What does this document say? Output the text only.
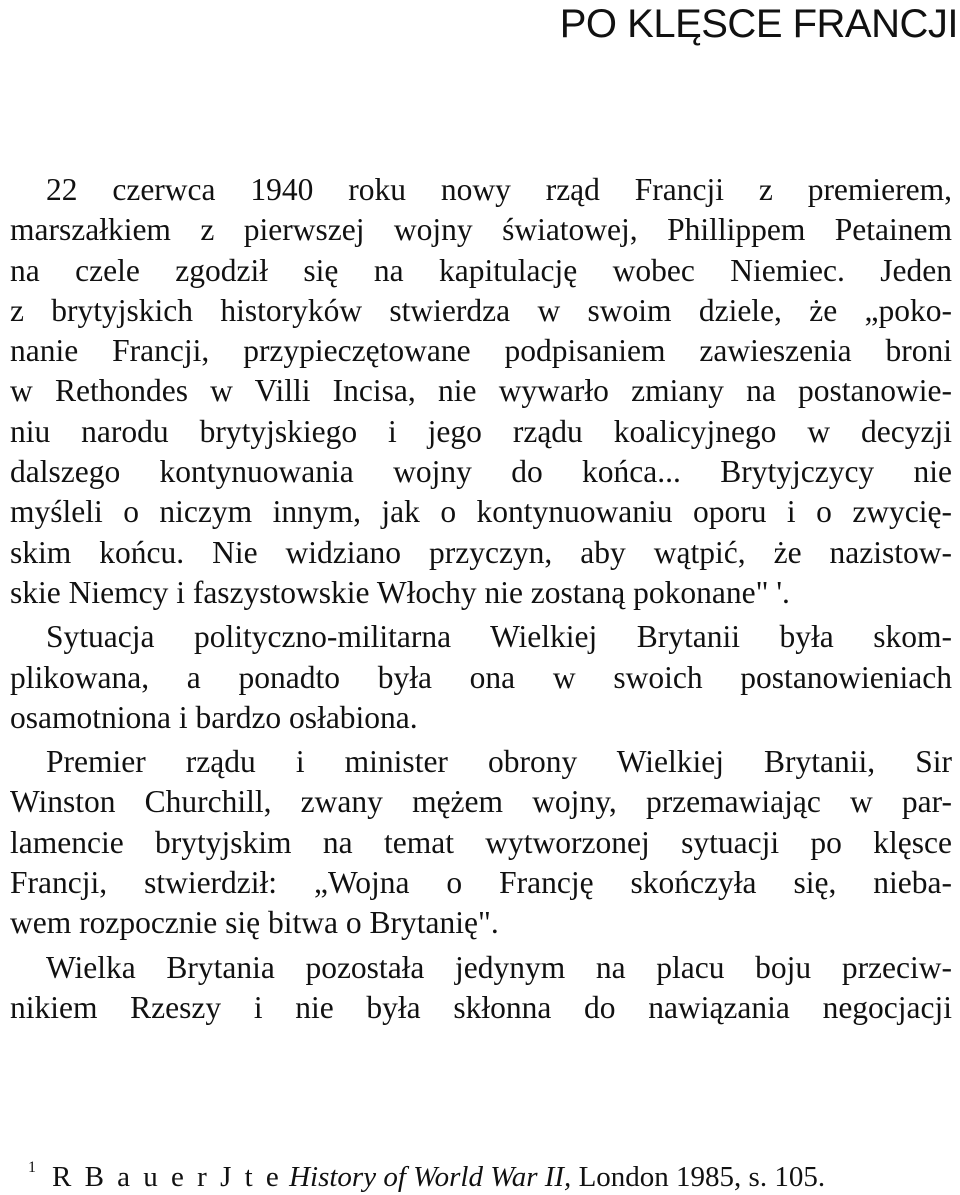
PO KLĘSCE FRANCJI

22 czerwca 1940 roku nowy rząd Francji z premierem,
marszałkiem z pierwszej wojny światowej, Phillippem Petainem
na czele zgodził się na kapitulację wobec Niemiec. Jeden
z brytyjskich historyków stwierdza w swoim dziele, że „poko-
nanie Francji, przypieczętowane podpisaniem zawieszenia broni
w Rethondes w Villi Incisa, nie wywarło zmiany na postanowie-
niu narodu brytyjskiego i jego rządu koalicyjnego w decyzji
dalszego kontynuowania wojny do końca... Brytyjczycy nie
myśleli o niczym innym, jak o kontynuowaniu oporu i o zwycię-
skim końcu. Nie widziano przyczyn, aby wątpić, że nazistow-
skie Niemcy i faszystowskie Włochy nie zostaną pokonane" '.

Sytuacja polityczno-militarna Wielkiej Brytanii była skom-
plikowana, a ponadto była ona w swoich postanowieniach
osamotniona i bardzo osłabiona.

Premier rządu i minister obrony Wielkiej Brytanii, Sir
Winston Churchill, zwany mężem wojny, przemawiając w par-
lamencie brytyjskim na temat wytworzonej sytuacji po klęsce
Francji, stwierdził: „Wojna o Francję skończyła się, nieba-
wem rozpocznie się bitwa o Brytanię".

Wielka Brytania pozostała jedynym na placu boju przeciw-
nikiem Rzeszy i nie była skłonna do nawiązania negocjacji

$^1$ R B a u e r J t e History of World War II, London 1985, s. 105.
